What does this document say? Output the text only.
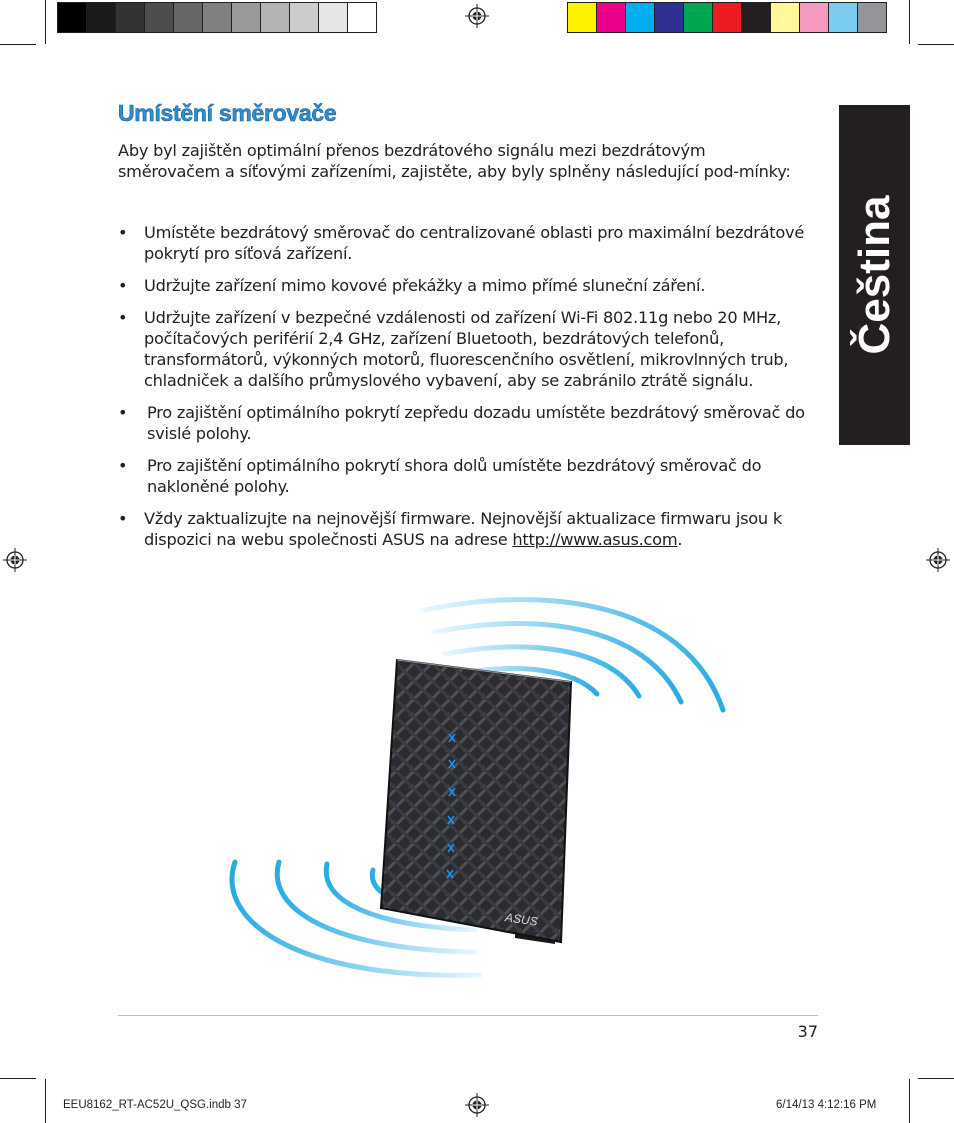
Umístění směrovače
Aby byl zajištěn optimální přenos bezdrátového signálu mezi bezdrátovým směrovačem a síťovými zařízeními, zajistěte, aby byly splněny následující pod-mínky:
• Umístěte bezdrátový směrovač do centralizované oblasti pro maximální bezdrátové pokrytí pro síťová zařízení.
• Udržujte zařízení mimo kovové překážky a mimo přímé sluneční záření.
• Udržujte zařízení v bezpečné vzdálenosti od zařízení Wi-Fi 802.11g nebo 20 MHz, počítačových periférií 2,4 GHz, zařízení Bluetooth, bezdrátových telefonů, transformátorů, výkonných motorů, fluorescenčního osvětlení, mikrovlnných trub, chladniček a dalšího průmyslového vybavení, aby se zabránilo ztrátě signálu.
• Pro zajištění optimálního pokrytí zepředu dozadu umístěte bezdrátový směrovač do svislé polohy.
• Pro zajištění optimálního pokrytí shora dolů umístěte bezdrátový směrovač do nakloněné polohy.
• Vždy zaktualizujte na nejnovější firmware. Nejnovější aktualizace firmwaru jsou k dispozici na webu společnosti ASUS na adrese http://www.asus.com.
Čeština
ASUS
37
EEU8162_RT-AC52U_QSG.indb 37	6/14/13 4:12:16 PM
